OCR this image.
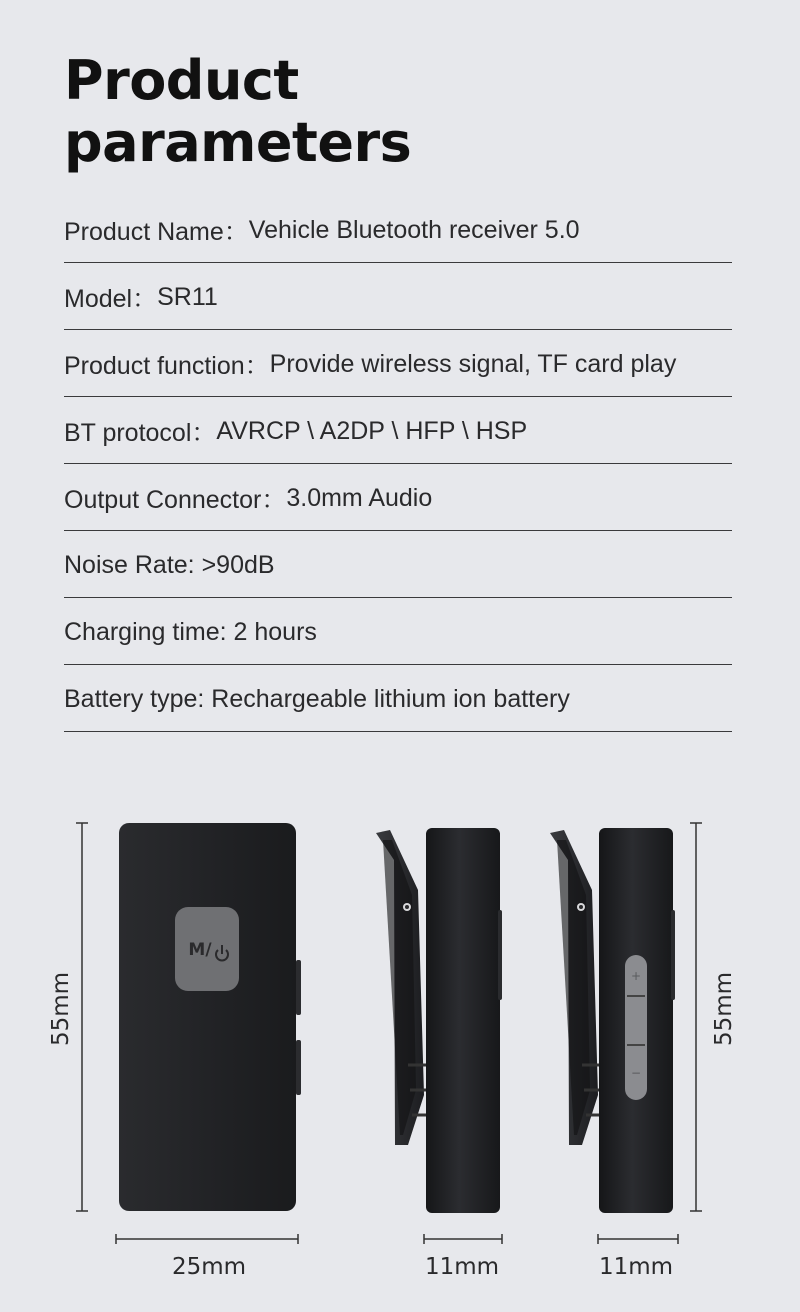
Product
parameters
Product Name： Vehicle Bluetooth receiver 5.0
Model： SR11
Product function： Provide wireless signal, TF card play
BT protocol： AVRCP \ A2DP \ HFP \ HSP
Output Connector： 3.0mm Audio
Noise Rate: >90dB
Charging time: 2 hours
Battery type: Rechargeable lithium ion battery
M/
+
−
55mm
25mm	11mm	11mm
55mm
